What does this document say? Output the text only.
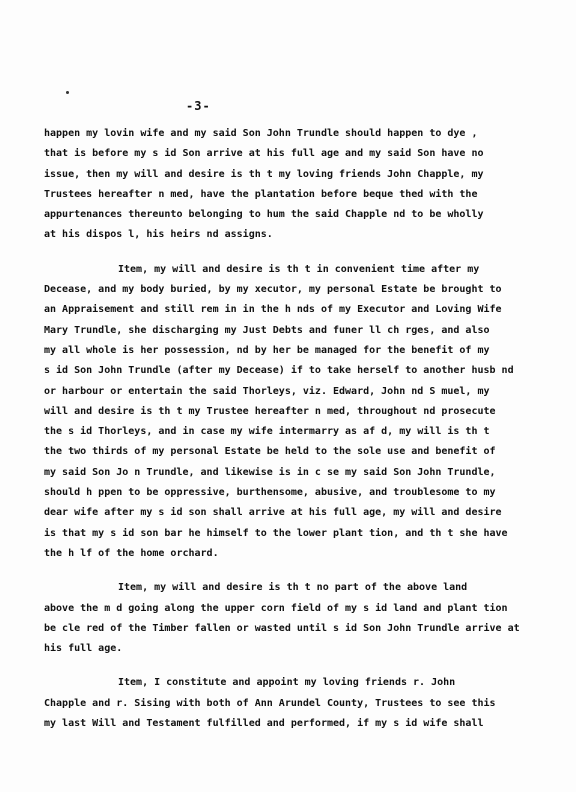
-3-
happen my lovin wife and my said Son John Trundle should happen to dye ,
that is before my s id Son arrive at his full age and my said Son have no
issue, then my will and desire is th t my loving friends John Chapple, my
Trustees hereafter n med, have the plantation before beque thed with the
appurtenances thereunto belonging to hum the said Chapple nd to be wholly
at his dispos l, his heirs nd assigns.
Item, my will and desire is th t in convenient time after my
Decease, and my body buried, by my xecutor, my personal Estate be brought to
an Appraisement and still rem in in the h nds of my Executor and Loving Wife
Mary Trundle, she discharging my Just Debts and funer ll ch rges, and also
my all whole is her possession, nd by her be managed for the benefit of my
s id Son John Trundle (after my Decease) if to take herself to another husb nd
or harbour or entertain the said Thorleys, viz. Edward, John nd S muel, my
will and desire is th t my Trustee hereafter n med, throughout nd prosecute
the s id Thorleys, and in case my wife intermarry as af d, my will is th t
the two thirds of my personal Estate be held to the sole use and benefit of
my said Son Jo n Trundle, and likewise is in c se my said Son John Trundle,
should h ppen to be oppressive, burthensome, abusive, and troublesome to my
dear wife after my s id son shall arrive at his full age, my will and desire
is that my s id son bar he himself to the lower plant tion, and th t she have
the h lf of the home orchard.
Item, my will and desire is th t no part of the above land
above the m d going along the upper corn field of my s id land and plant tion
be cle red of the Timber fallen or wasted until s id Son John Trundle arrive at
his full age.
Item, I constitute and appoint my loving friends r. John
Chapple and r. Sising with both of Ann Arundel County, Trustees to see this
my last Will and Testament fulfilled and performed, if my s id wife shall
